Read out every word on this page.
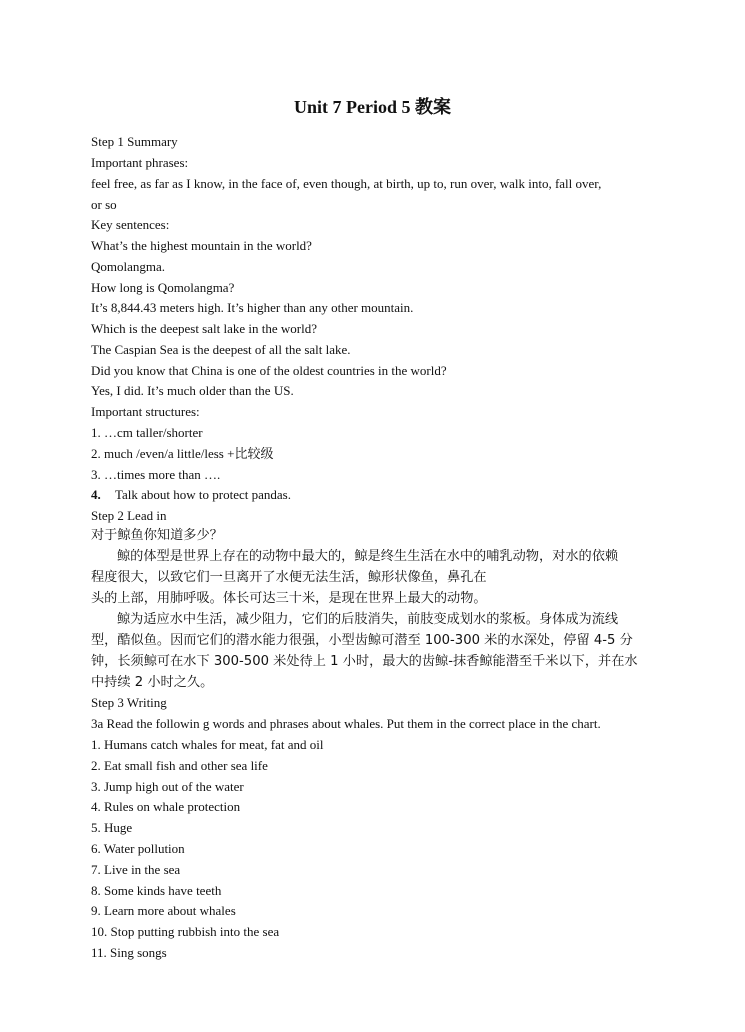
Unit 7 Period 5 教案
Step 1 Summary
Important phrases:
feel free, as far as I know, in the face of, even though, at birth, up to, run over, walk into, fall over,
or so
Key sentences:
What’s the highest mountain in the world?
Qomolangma.
How long is Qomolangma?
It’s 8,844.43 meters high. It’s higher than any other mountain.
Which is the deepest salt lake in the world?
The Caspian Sea is the deepest of all the salt lake.
Did you know that China is one of the oldest countries in the world?
Yes, I did. It’s much older than the US.
Important structures:
1. …cm taller/shorter
2. much /even/a little/less +比较级
3. …times more than ….
4. Talk about how to protect pandas.
Step 2 Lead in
对于鲸鱼你知道多少？
鲸的体型是世界上存在的动物中最大的，鲸是终生生活在水中的哺乳动物，对水的依赖
程度很大，以致它们一旦离开了水便无法生活，鲸形状像鱼，鼻孔在
头的上部，用肺呼吸。体长可达三十米，是现在世界上最大的动物。
鲸为适应水中生活，减少阻力，它们的后肢消失，前肢变成划水的浆板。身体成为流线
型，酷似鱼。因而它们的潜水能力很强，小型齿鲸可潜至 100-300 米的水深处，停留 4-5 分
钟，长须鲸可在水下 300-500 米处待上 1 小时，最大的齿鲸-抹香鲸能潜至千米以下，并在水
中持续 2 小时之久。
Step 3 Writing
3a Read the followin g words and phrases about whales. Put them in the correct place in the chart.
1. Humans catch whales for meat, fat and oil
2. Eat small fish and other sea life
3. Jump high out of the water
4. Rules on whale protection
5. Huge
6. Water pollution
7. Live in the sea
8. Some kinds have teeth
9. Learn more about whales
10. Stop putting rubbish into the sea
11. Sing songs
